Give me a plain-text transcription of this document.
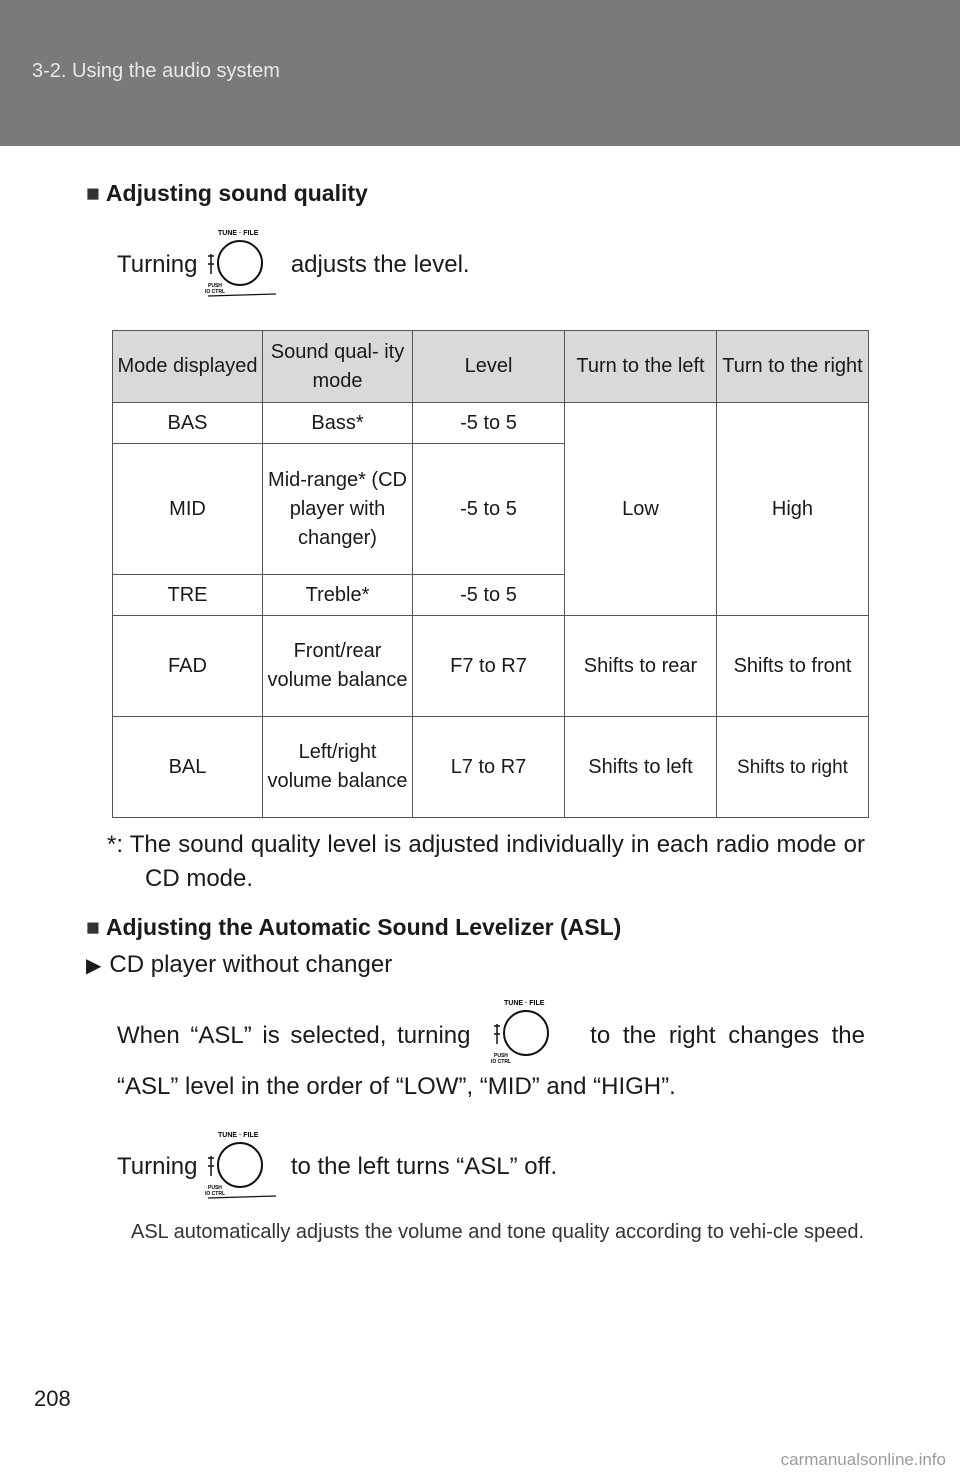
3-2. Using the audio system
■ Adjusting sound quality
Turning
TUNE · FILE
PUSH
IO CTRL
adjusts the level.
Mode displayed	Sound qual- ity mode	Level	Turn to the left	Turn to the right
BAS	Bass*	-5 to 5	Low	High
MID	Mid-range* (CD player with changer)	-5 to 5		
TRE	Treble*	-5 to 5		
FAD	Front/rear volume balance	F7 to R7	Shifts to rear	Shifts to front
BAL	Left/right volume balance	L7 to R7	Shifts to left	Shifts to right
*: The sound quality level is adjusted individually in each radio mode or CD mode.
■ Adjusting the Automatic Sound Levelizer (ASL)
▶ CD player without changer
When “ASL” is selected, turning
TUNE · FILE
PUSH
IO CTRL
to the right changes the
“ASL” level in the order of “LOW”, “MID” and “HIGH”.
Turning
TUNE · FILE
PUSH
IO CTRL
to the left turns “ASL” off.
ASL automatically adjusts the volume and tone quality according to vehi-cle speed.
208
carmanualsonline.info
